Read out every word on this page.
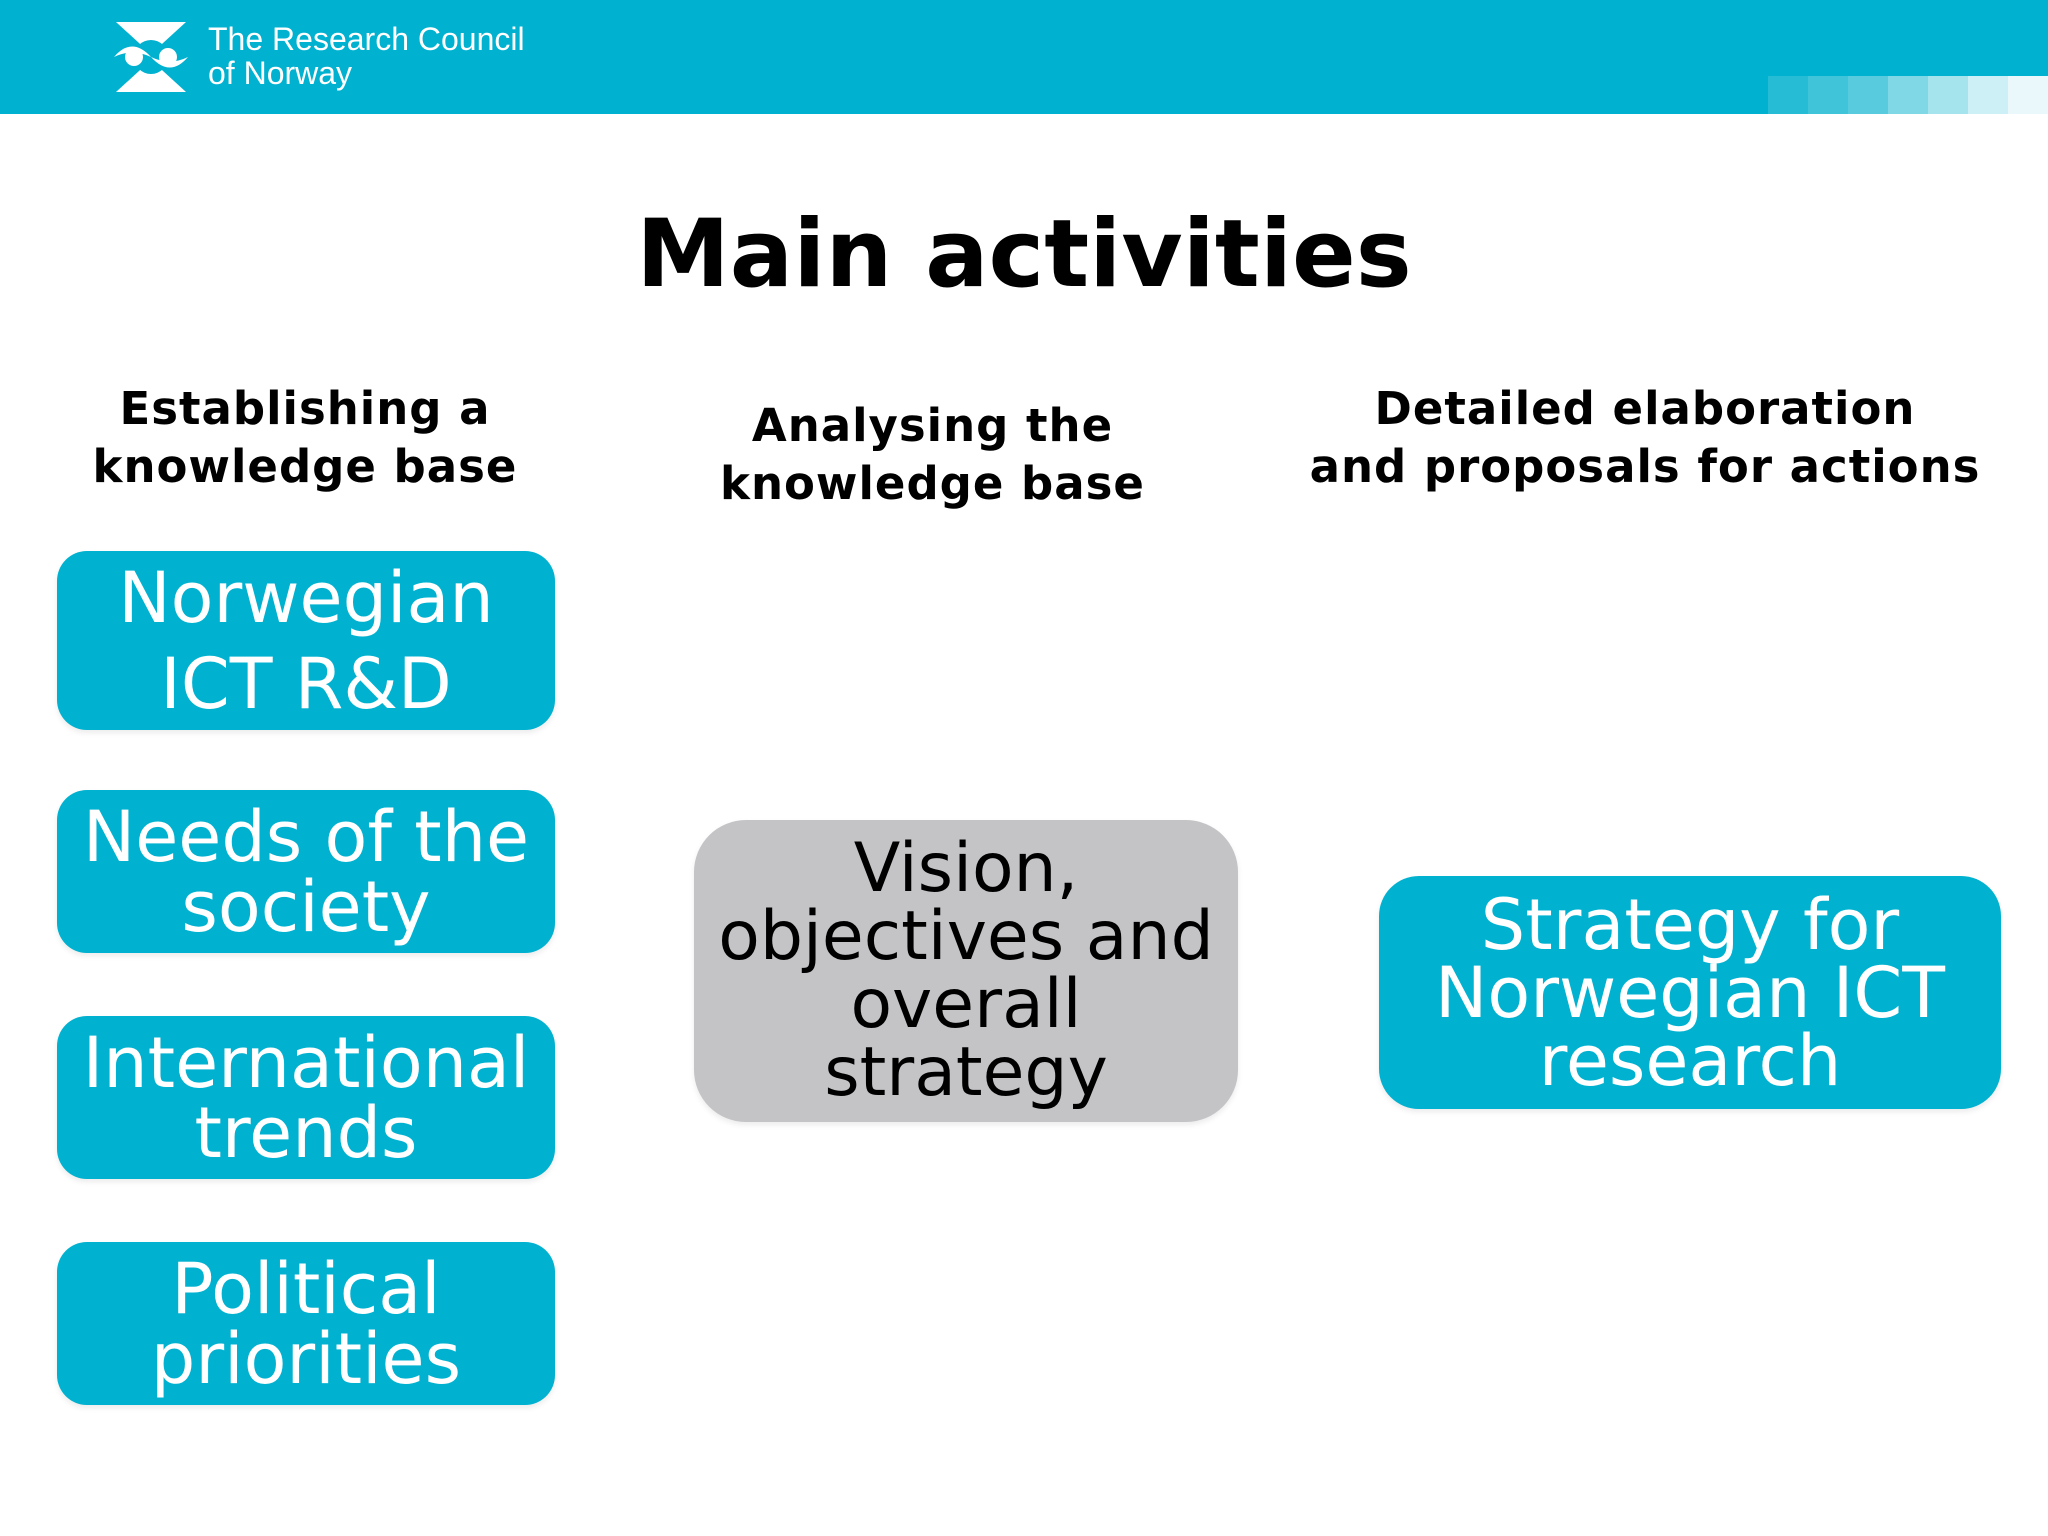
The Research Council
of Norway
Main activities
Establishing a
knowledge base
Analysing the
knowledge base
Detailed elaboration
and proposals for actions
Norwegian
ICT R&D
Needs of the
society
International
trends
Political
priorities
Vision,
objectives and
overall
strategy
Strategy for
Norwegian ICT
research
